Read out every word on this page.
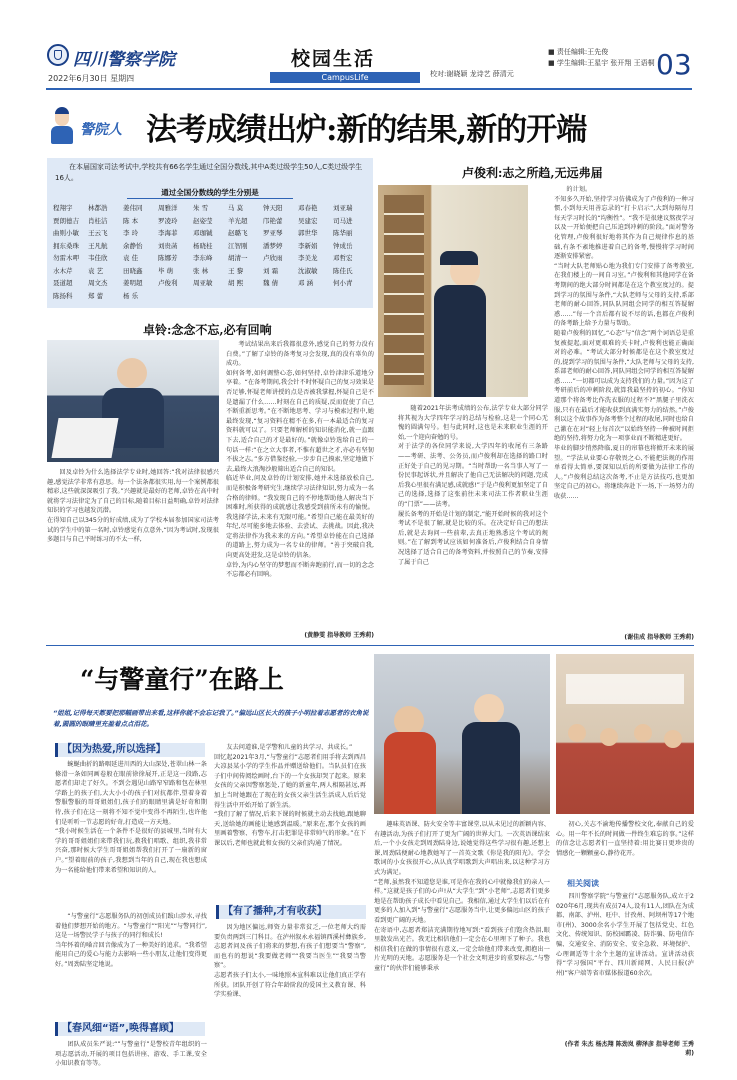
四川警察学院
2022年6月30日 星期四
校园生活
CampusLife
■ 责任编辑:王先俊
■ 学生编辑:王星宇 张开翔 王语桐
校对:谢晓颖 龙诗艺 薛清元	03
警院人 法考成绩出炉:新的结果,新的开端
在本届国家司法考试中,学校共有66名学生通过全国分数线,其中A类过级学生50人,C类过级学生16人。
通过全国分数线的学生分别是
程翔宇	林都浩	姜伟同	周雅洋	朱 雪	马 莫	钟天阳	邓春艳	刘亚瑞
贾朗德吉	肖桂洁	陈 本	罗凌玲	赵姿莹	羊光超	邝艳蕾	吴建宏	司马进
曲则小敏	王云飞	李 玲	李海菲	邓珈铖	赵璐飞	罗亚琴	郭世华	陈华丽
拥东桑珠	王凡航	余静怡	刘贵菡	杨晓桂	江智刚	潘梦婷	李新娟	钟成岳
勿雷木呷	韦佳欣	袁 佳	陈娜芳	李东峰	胡清一	卢欣雨	李美龙	邓哲宏
水木芹	袁 艺	田晓鑫	毕 萌	张 林	王 黎	刘 霜	沈淑敏	陈佳氏
聂道超	周文杰	姜明超	卢俊利	周亚敏	胡 熙	魏 倩	邓 涵	何小青
陈扬科	郑 蕾	杨 乐
卓铃:念念不忘,必有回响
回及卓铃为什么选择法学专业时,她回答:“我对法律很感兴趣,感觉法学非常有意思。每一个法条都很实用,每一个案例都很精彩,这些就深深吸引了我。”兴趣就是最好的老师,卓铃在高中时就将学习法律定为了自己的目标,随着目标日益明确,卓铃对法律知识的学习也越发沉潜。
在得知自己以345分的好成绩,成为了学校本届参加国家司法考试的学生中的第一名时,卓铃感觉有点意外,“因为考试时,发现很多题目与自己平时练习的不太一样,
考试结果出来后我都很意外,感觉自己的努力没有白费。”了解了卓铃的备考复习会发现,真的没有辜负的成功。
如何备考,如何调整心态,如何坚持,卓铃津津乐道地分享着。“在备考期间,我会针不时怀疑自己的复习效果是否足够,怀疑老师讲授的点是否被我掌握,怀疑自己是不是遗漏了什么……时刻在自己的质疑,反而促使了自己不断重新思考。”在不断地思考、学习与模索过程中,她最终发现,“复习资料在精不在多,有一本最适合的复习资料就可以了。只要老师解析的知识能消化,就一直跟下去,适合自己的才是最好的。”就像卓铃选给自己的一句话一样:“在之立大事者,不惟有超世之才,亦必有坚韧不拔之志。”多方借鉴经验,一步步自己摸索,坚定地做下去,最终大浪淘沙般筛出适合自己的知识。
临近毕业,问及卓铃的计划安排,她并未选择放松自己,而是积极备考研究生,继续学习法律知识,努力成为一名合格的律师。“我发现自己的不停地帮助他人解决当下困难时,所获得的成就感让我感受到前所未有的愉悦。我选择学法,未来有无限可能。”希望自己能在最美好的年纪,尽可能多地去体验、去尝试、去挑战。因此,我决定将法律作为我未来的方向。”希望卓铃能在自己选择的道路上,努力成为一名专业的律师。“善于突破自我,向更高处进发,这是卓铃的信条。
卓铃,为内心坚守的梦想而不断奔跑前行,而一切的念念不忘都必有回响。
(黄静雯 指导教师 王秀莉)
卢俊利:志之所趋,无远弗届
随着2021年法考成绩的公布,法学专业大部分同学将其视为大学四年学习的总结与检验,这是一个同心无愧的圆满句号。但与此同时,这也是未来职业生涯的开始,一个迎向奋勉的号。
对于法学的各位同学来说,大学四年的收尾有三条路——考研、法考、公务员,而卢俊利却在选择的路口时正好处于自己的见习期。“当时帮助一名当事人写了一份民事起诉状,并且解决了他自己无法解决的问题,完成后我心里很有满足感,成就感!”于是卢俊利更加坚定了自己的选择,选择了这张前往未来司法工作者职业生涯的“门票”——法考。
履长备考的开始是计划的制定,“能开始时候的我对这个考试不是很了解,就是比较的乐。在决定好自己的想法后,就是去询问一些前辈,去真正地熟悉这个考试的规则。”在了解到考试应该如何准备后,卢俊利结合自身情况选择了适合自己的备考资料,并按照自己的节奏,安排了属于自己
的计划。
不知多久开始,坚持学习仿佛成为了卢俊利的一种习惯,小到每天用善忘录的“打卡启示”,大到每隔每月每天学习时长的“均衡性”。“我不是很建议熬夜学习以及一开始便把自己压迫到冲刺的阶段。”面对警务化管理,卢俊利很好地将其作为自己规律作息的基础,有条不紊地推进着自己的备考,慢慢将学习时间逐渐安排紧密。
“当时大队老师贴心地为我们专门安排了备考教室,在我们楼上的一间自习室。”卢俊利和其他同学在备考期间的绝大部分时间都是在这个教室度过的。提到学习的氛围与条件,“大队老师与父母的支持,系部老师的耐心回答,同队队同组会同学的相互答疑解惑……”每一个音后都有说不尽的话,也都在卢俊利的备考路上给予力量与帮助。
随着卢俊利的回忆,“心态”与“信念”两个词语总是重复被提起,面对更艰难的关卡时,卢俊利也能正确面对的必难。“考试大部分时候都是在这个教室度过的,提到学习的氛围与条件,“大队老师与父母的支持,系部老师的耐心回答,同队同组会同学的相互答疑解惑……”一切都可以成为支持我们的力量。”因为这了考研前后的冲刺阶段,就算我最坚持的初心。“你知道那个将备考比作洗衣服的过程不?”黑腿子里洗衣服,只有在最后才能收获到真满实努力的结然。”卢俊利以这个故事作为备考整个过程的收尾,同时也给自己激在在对“轻上每首次”以始终坚持一种被时间拒绝的坚持,将努力化为一项事业而不断精进更好。
毕业的脚步悄然降临,夏日的帘幕也将掀开未来的展望。“学法从业要心存敬畏之心,不能把法规的作用单看得太简单,要深知以后的所要做为法律工作的人。”卢俊利总结这次备考,不止是方法技巧,也更加坚定自己的初心。将继续奔赴下一场,下一场努力的收获……
(谢佳成 指导教师 王秀莉)
“与警童行”在路上
“姐姐,记得每天都要把那幅画带出来看,这样你就不会忘记我了。”偏远山区长大的孩子小明拉着志愿者的衣角说着,圆圆的眼睛里充盈着点点泪花。
【因为热爱,所以选择】
蜿蜒曲折的路咽延进川西的大山深处,苍翠山林一条條滑一条如同画卷般在眼前徐徐展开,正是这一段路,志愿者们却走了好久。不到会遇见山路窄窄路和包在林里学路上的孩子们,大大小小的孩子们对抗都伴,望着身着警服警服的哥哥姐姐们,孩子们的眼睛里满是好奇和期待,孩子们在这一刻将不知不觉中变得不再陌生,也许他们是听听一节志愿的好奇,打造成一方天地。
“我小时候生活在一个条件不是很好的县城里,当时有大学的哥哥姐姐们来带我们玩,教我们唱歌、组织,我非常兴奋,那时候大学生哥哥姐姐帮我们打开了一扇新的窗户。”望着眼前的孩子,我想到当年的自己,现在我也想成为一名能给他们带来希望和知识的人。
“与警童行”志愿服务队的初创成员们跋山涉水,寻找着他们梦想开始的地方。“与警童行”“阳光”“与警同行”,这是一场警民学子与孩子的同行和成长!
当年怀着的嗓音回音像成为了一种美好的追求。“我希望能用自己的爱心与能力去影响一些小朋友,让他们变得更好。”周劲陆坚定地说。
【春风细“语”,唤得喜顾】
团队成员朱严说:“”与警童行”是警校青年组织的一项志愿活动,开展的项目包括讲座、游戏、手工课,安全小知识教育等等。
友去问道谁,是学警和儿童的共学习、共成长。”
回忆起2021年3月,“与警童行”志愿者们用手将去到西昌大凉县某小学的学生作品并赠送给他们。当队员们在孩子们中间传阅绘画时,台下的一个女孩却哭了起来。原来女孩的父亲因警察惩处,了她的新童年,两人相隔甚远,再加上当时她跟在了现在的女孩父亲生活生活成人后后觉得生活中开始开始了新生活。
“我们了解了情况,后来下课的时候就主动去找她,跟她聊天,送给她的画能让她感到温暖。”原来在,那个女孩的画里画着警察、有警车,打击犯罪是非常帅气的形象。”在下课以后,老师也就此和女孩的父亲们沟通了情况。
【有了播种,才有收获】
因为地区偏远,师资力量非常贫乏,一位老师大约需要负责两到三门科目。在泸州叙永永福镇西溪村彝族乡,志愿者问及孩子们将来的梦想,有孩子们想要当“警察”,而也有的想说“我要做老师”“我要当医生”“我要当警察”。
志愿者孩子们太小,一味地照本宣科难以让他们真正学有所获。团队开创了符合年龄阶段的爱国主义教育课、科学实验课、
趣味英语课、防火安全等丰富课堂,以从未见过的新颖内容、有趣活动,为孩子们打开了更为广阔的世界大门。一次英语课结束后,一个小女孩走到周劲陆身边,说她觉得这些学习很有趣,还想上课,周劲陆便耐心地教她写了一首英文歌《你是我的阳光》。学会歌词的小女孩很开心,从认真学唱歌到大声唱出来,以这种学习方式为满足。
“老师,虽然我不知道您是谁,可是你在我的心中就像我们的亲人一样。”这就是孩子们的心声!从“大学生”到“小老师”,志愿者们更多地是在帮助孩子成长中看见自己。我相信,通过大学生们以后在有更多的人加入到“与警童行”志愿服务当中,让更多偏远山区的孩子看到更广阔的天地。
在寄语中,志愿者郑洁充满期待地写到:“看到孩子们饱含热泪,眼里散发出光芒。我无比相信他们一定会在心里埋下了种子。我也相信我们在做的事情很有意义,一定会给他们带来改变,拥抱出一片光明的天地。志愿服务是一个社会文明进步的重要标志,“与警童行”的伙伴们能够秉承
初心,关志不渝地传播警校文化,奉献自己的爱心。用一年不长的时间做一件终生难忘的事。”这样的信念让志愿者们一直坚持着:用比赛日更珍贵的情感化一颗颗童心,静待花开。
相关阅读
四川警察学院“与警童行”志愿服务队,成立于2020年6月,现共有成员74人,设有11人,团队在为成都、南部、泸州、旺中、甘孜州、阿坝州等17个地市(州)、3000余名小学生开展了包括党史、红色文化、传统知识、防校园霸凌、防诈骗、防电信诈骗、交通安全、消防安全、安全急救、环境保护、心理调适等十余个主题的宣讲活动。宣讲活动获得“学习强国”平台、四川新闻网、人民日报(泸州)”客户端等省市媒体报道60余次。
(作者 朱杰 杨杰翔 陈劲岚 柳泽彦 指导老师 王秀莉)
